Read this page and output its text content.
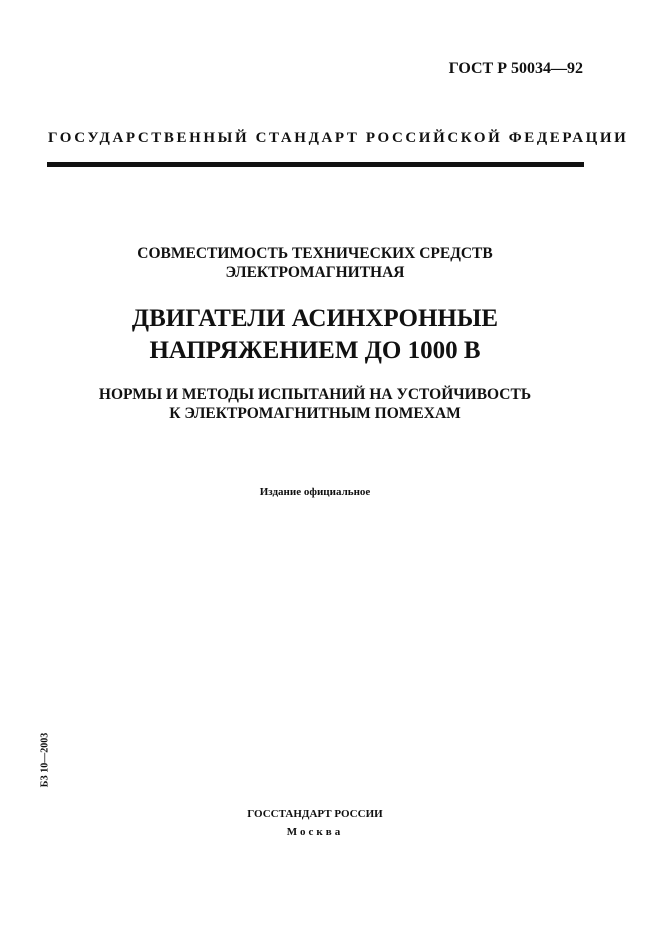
ГОСТ Р 50034—92
ГОСУДАРСТВЕННЫЙ СТАНДАРТ РОССИЙСКОЙ ФЕДЕРАЦИИ
СОВМЕСТИМОСТЬ ТЕХНИЧЕСКИХ СРЕДСТВ
ЭЛЕКТРОМАГНИТНАЯ
ДВИГАТЕЛИ АСИНХРОННЫЕ
НАПРЯЖЕНИЕМ ДО 1000 В
НОРМЫ И МЕТОДЫ ИСПЫТАНИЙ НА УСТОЙЧИВОСТЬ
К ЭЛЕКТРОМАГНИТНЫМ ПОМЕХАМ
Издание официальное
БЗ 10—2003
ГОССТАНДАРТ РОССИИ
Москва
